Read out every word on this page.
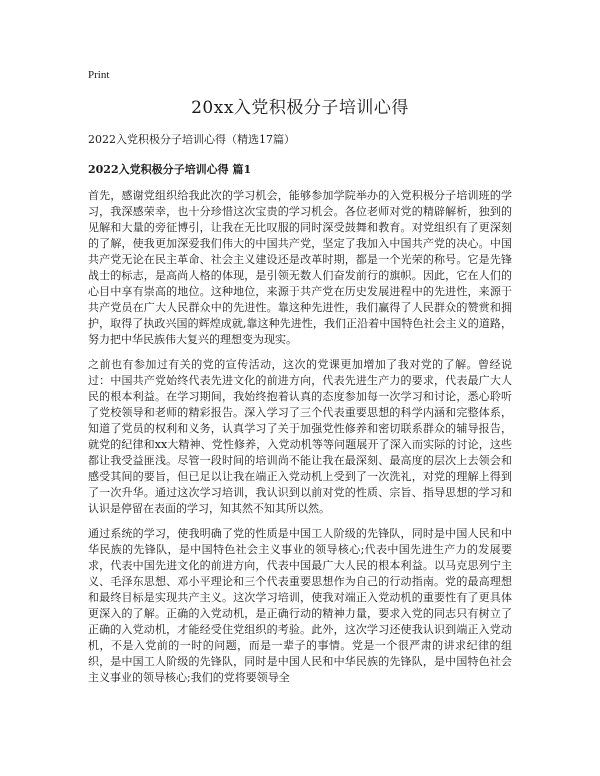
Print
20xx入党积极分子培训心得
2022入党积极分子培训心得（精选17篇）
2022入党积极分子培训心得 篇1

首先，感谢党组织给我此次的学习机会，能够参加学院举办的入党积极分子培训班的学习，我深感荣幸，也十分珍惜这次宝贵的学习机会。各位老师对党的精辟解析，独到的见解和大量的旁征博引，让我在无比叹服的同时深受鼓舞和教育。对党组织有了更深刻的了解，使我更加深爱我们伟大的中国共产党，坚定了我加入中国共产党的决心。中国共产党无论在民主革命、社会主义建设还是改革时期，都是一个光荣的称号。它是先锋战士的标志，是高尚人格的体现，是引领无数人们奋发前行的旗帜。因此，它在人们的心目中享有崇高的地位。这种地位，来源于共产党在历史发展进程中的先进性，来源于共产党员在广大人民群众中的先进性。靠这种先进性，我们赢得了人民群众的赞赏和拥护，取得了执政兴国的辉煌成就,靠这种先进性，我们正沿着中国特色社会主义的道路，努力把中华民族伟大复兴的理想变为现实。

之前也有参加过有关的党的宣传活动，这次的党课更加增加了我对党的了解。曾经说过：中国共产党始终代表先进文化的前进方向，代表先进生产力的要求，代表最广大人民的根本利益。在学习期间，我始终抱着认真的态度参加每一次学习和讨论，悉心聆听了党校领导和老师的精彩报告。深入学习了三个代表重要思想的科学内涵和完整体系，知道了党员的权利和义务，认真学习了关于加强党性修养和密切联系群众的辅导报告，就党的纪律和xx大精神、党性修养，入党动机等等问题展开了深入而实际的讨论，这些都让我受益匪浅。尽管一段时间的培训尚不能让我在最深刻、最高度的层次上去领会和感受其间的要旨，但已足以让我在端正入党动机上受到了一次洗礼，对党的理解上得到了一次升华。通过这次学习培训，我认识到以前对党的性质、宗旨、指导思想的学习和认识是停留在表面的学习，知其然不知其所以然。

通过系统的学习，使我明确了党的性质是中国工人阶级的先锋队，同时是中国人民和中华民族的先锋队，是中国特色社会主义事业的领导核心;代表中国先进生产力的发展要求，代表中国先进文化的前进方向，代表中国最广大人民的根本利益。以马克思列宁主义、毛泽东思想、邓小平理论和三个代表重要思想作为自己的行动指南。党的最高理想和最终目标是实现共产主义。这次学习培训，使我对端正入党动机的重要性有了更具体更深入的了解。正确的入党动机，是正确行动的精神力量，要求入党的同志只有树立了正确的入党动机，才能经受住党组织的考验。此外，这次学习还使我认识到端正入党动机，不是入党前的一时的问题，而是一辈子的事情。党是一个很严肃的讲求纪律的组织，是中国工人阶级的先锋队，同时是中国人民和中华民族的先锋队，是中国特色社会主义事业的领导核心;我们的党将要领导全
